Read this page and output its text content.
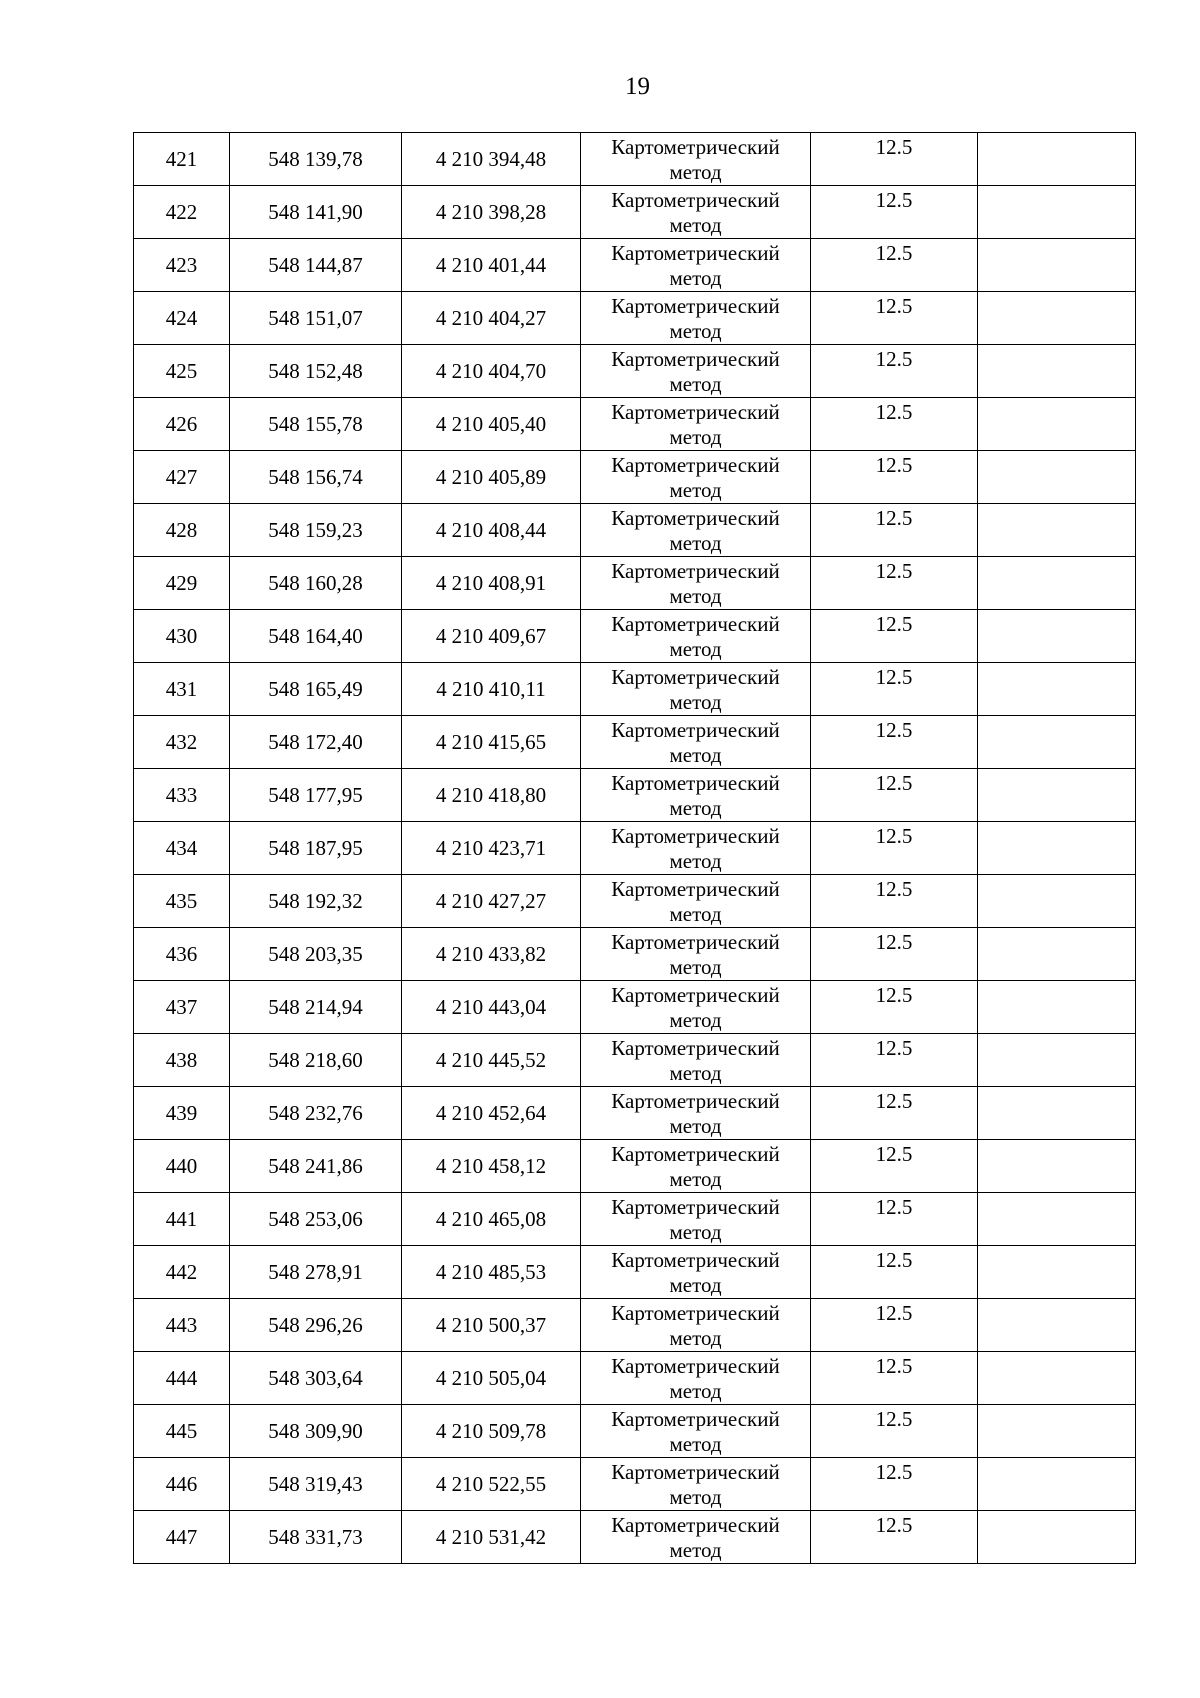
19
421	548 139,78	4 210 394,48	Картометрический
метод	12.5	
422	548 141,90	4 210 398,28	Картометрический
метод	12.5	
423	548 144,87	4 210 401,44	Картометрический
метод	12.5	
424	548 151,07	4 210 404,27	Картометрический
метод	12.5	
425	548 152,48	4 210 404,70	Картометрический
метод	12.5	
426	548 155,78	4 210 405,40	Картометрический
метод	12.5	
427	548 156,74	4 210 405,89	Картометрический
метод	12.5	
428	548 159,23	4 210 408,44	Картометрический
метод	12.5	
429	548 160,28	4 210 408,91	Картометрический
метод	12.5	
430	548 164,40	4 210 409,67	Картометрический
метод	12.5	
431	548 165,49	4 210 410,11	Картометрический
метод	12.5	
432	548 172,40	4 210 415,65	Картометрический
метод	12.5	
433	548 177,95	4 210 418,80	Картометрический
метод	12.5	
434	548 187,95	4 210 423,71	Картометрический
метод	12.5	
435	548 192,32	4 210 427,27	Картометрический
метод	12.5	
436	548 203,35	4 210 433,82	Картометрический
метод	12.5	
437	548 214,94	4 210 443,04	Картометрический
метод	12.5	
438	548 218,60	4 210 445,52	Картометрический
метод	12.5	
439	548 232,76	4 210 452,64	Картометрический
метод	12.5	
440	548 241,86	4 210 458,12	Картометрический
метод	12.5	
441	548 253,06	4 210 465,08	Картометрический
метод	12.5	
442	548 278,91	4 210 485,53	Картометрический
метод	12.5	
443	548 296,26	4 210 500,37	Картометрический
метод	12.5	
444	548 303,64	4 210 505,04	Картометрический
метод	12.5	
445	548 309,90	4 210 509,78	Картометрический
метод	12.5	
446	548 319,43	4 210 522,55	Картометрический
метод	12.5	
447	548 331,73	4 210 531,42	Картометрический
метод	12.5	
